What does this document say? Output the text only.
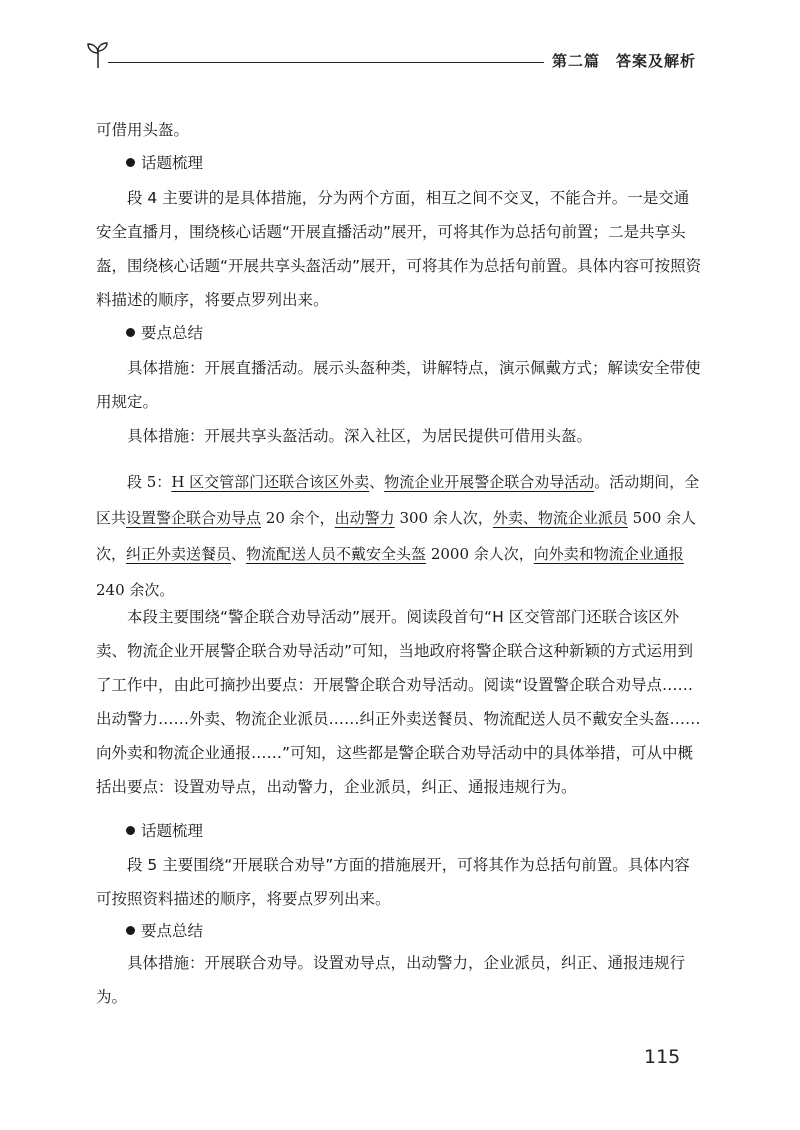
第二篇　答案及解析

可借用头盔。

话题梳理

段 4 主要讲的是具体措施，分为两个方面，相互之间不交叉，不能合并。一是交通安全直播月，围绕核心话题“开展直播活动”展开，可将其作为总括句前置；二是共享头盔，围绕核心话题“开展共享头盔活动”展开，可将其作为总括句前置。具体内容可按照资料描述的顺序，将要点罗列出来。

要点总结

具体措施：开展直播活动。展示头盔种类，讲解特点，演示佩戴方式；解读安全带使用规定。

具体措施：开展共享头盔活动。深入社区，为居民提供可借用头盔。

段 5：H 区交管部门还联合该区外卖、物流企业开展警企联合劝导活动。活动期间，全区共设置警企联合劝导点 20 余个，出动警力 300 余人次，外卖、物流企业派员 500 余人次，纠正外卖送餐员、物流配送人员不戴安全头盔 2000 余人次，向外卖和物流企业通报 240 余次。

本段主要围绕“警企联合劝导活动”展开。阅读段首句“H 区交管部门还联合该区外卖、物流企业开展警企联合劝导活动”可知，当地政府将警企联合这种新颖的方式运用到了工作中，由此可摘抄出要点：开展警企联合劝导活动。阅读“设置警企联合劝导点……出动警力……外卖、物流企业派员……纠正外卖送餐员、物流配送人员不戴安全头盔……向外卖和物流企业通报……”可知，这些都是警企联合劝导活动中的具体举措，可从中概括出要点：设置劝导点，出动警力，企业派员，纠正、通报违规行为。

话题梳理

段 5 主要围绕“开展联合劝导”方面的措施展开，可将其作为总括句前置。具体内容可按照资料描述的顺序，将要点罗列出来。

要点总结

具体措施：开展联合劝导。设置劝导点，出动警力，企业派员，纠正、通报违规行为。

115
